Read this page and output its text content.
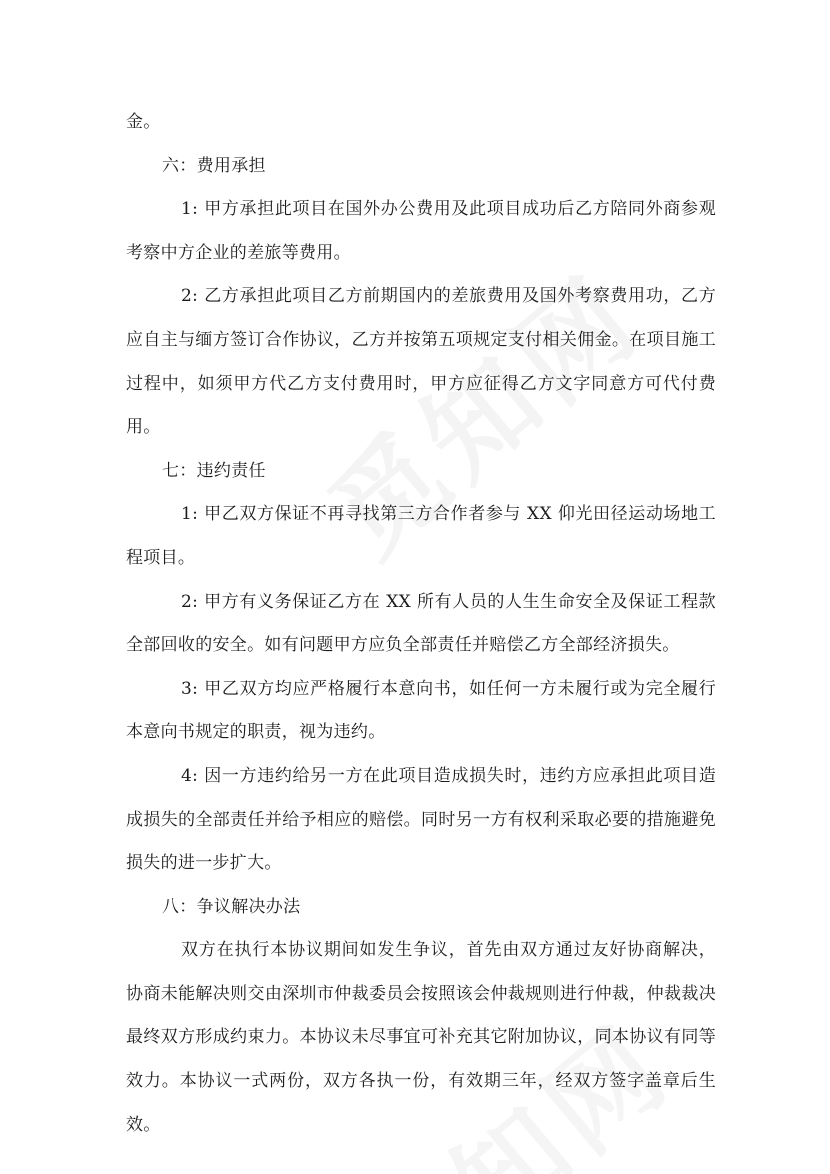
金。

六：费用承担

1: 甲方承担此项目在国外办公费用及此项目成功后乙方陪同外商参观考察中方企业的差旅等费用。

2: 乙方承担此项目乙方前期国内的差旅费用及国外考察费用功，乙方应自主与缅方签订合作协议，乙方并按第五项规定支付相关佣金。在项目施工过程中，如须甲方代乙方支付费用时，甲方应征得乙方文字同意方可代付费用。

七：违约责任

1: 甲乙双方保证不再寻找第三方合作者参与 XX 仰光田径运动场地工程项目。

2: 甲方有义务保证乙方在 XX 所有人员的人生生命安全及保证工程款全部回收的安全。如有问题甲方应负全部责任并赔偿乙方全部经济损失。

3: 甲乙双方均应严格履行本意向书，如任何一方未履行或为完全履行本意向书规定的职责，视为违约。

4: 因一方违约给另一方在此项目造成损失时，违约方应承担此项目造成损失的全部责任并给予相应的赔偿。同时另一方有权利采取必要的措施避免损失的进一步扩大。

八：争议解决办法

双方在执行本协议期间如发生争议，首先由双方通过友好协商解决，协商未能解决则交由深圳市仲裁委员会按照该会仲裁规则进行仲裁，仲裁裁决最终双方形成约束力。本协议未尽事宜可补充其它附加协议，同本协议有同等效力。本协议一式两份，双方各执一份，有效期三年，经双方签字盖章后生效。
